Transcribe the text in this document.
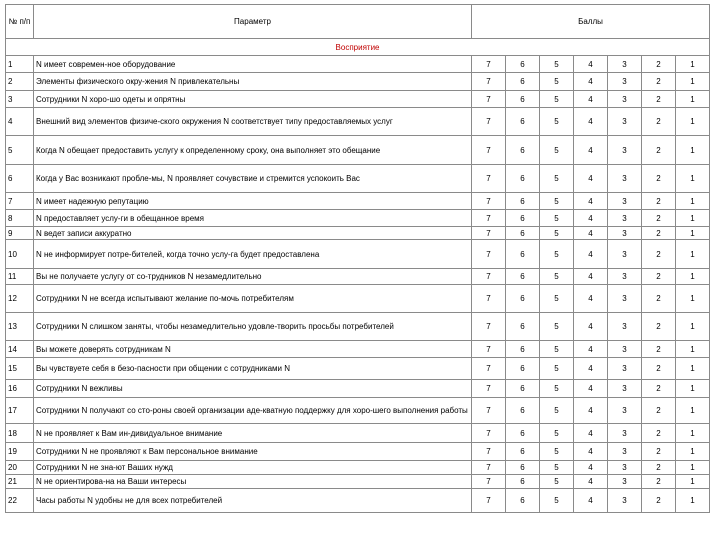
№ п/п	Параметр	Баллы						
Восприятие								
1	N имеет современ-ное оборудование	7	6	5	4	3	2	1
2	Элементы физического окру-жения N привлекательны	7	6	5	4	3	2	1
3	Сотрудники N хоро-шо одеты и опрятны	7	6	5	4	3	2	1
4	Внешний вид элементов физиче-ского окружения N соответствует типу предоставляемых услуг	7	6	5	4	3	2	1
5	Когда N обещает предоставить услугу к определенному сроку, она выполняет это обещание	7	6	5	4	3	2	1
6	Когда у Вас возникают пробле-мы, N проявляет сочувствие и стремится успокоить Вас	7	6	5	4	3	2	1
7	N имеет надежную репутацию	7	6	5	4	3	2	1
8	N предоставляет услу-ги в обещанное время	7	6	5	4	3	2	1
9	N ведет записи аккуратно	7	6	5	4	3	2	1
10	N не информирует потре-бителей, когда точно услу-га будет предоставлена	7	6	5	4	3	2	1
11	Вы не получаете услугу от со-трудников N незамедлительно	7	6	5	4	3	2	1
12	Сотрудники N не всегда испытывают желание по-мочь потребителям	7	6	5	4	3	2	1
13	Сотрудники N слишком заняты, чтобы незамедлительно удовле-творить просьбы потребителей	7	6	5	4	3	2	1
14	Вы можете доверять сотрудникам N	7	6	5	4	3	2	1
15	Вы чувствуете себя в безо-пасности при общении с сотрудниками N	7	6	5	4	3	2	1
16	Сотрудники N вежливы	7	6	5	4	3	2	1
17	Сотрудники N получают со сто-роны своей организации аде-кватную поддержку для хоро-шего выполнения работы	7	6	5	4	3	2	1
18	N не проявляет к Вам ин-дивидуальное внимание	7	6	5	4	3	2	1
19	Сотрудники N не проявляют к Вам персональное внимание	7	6	5	4	3	2	1
20	Сотрудники N не зна-ют Ваших нужд	7	6	5	4	3	2	1
21	N не ориентирова-на на Ваши интересы	7	6	5	4	3	2	1
22	Часы работы N удобны не для всех потребителей	7	6	5	4	3	2	1
